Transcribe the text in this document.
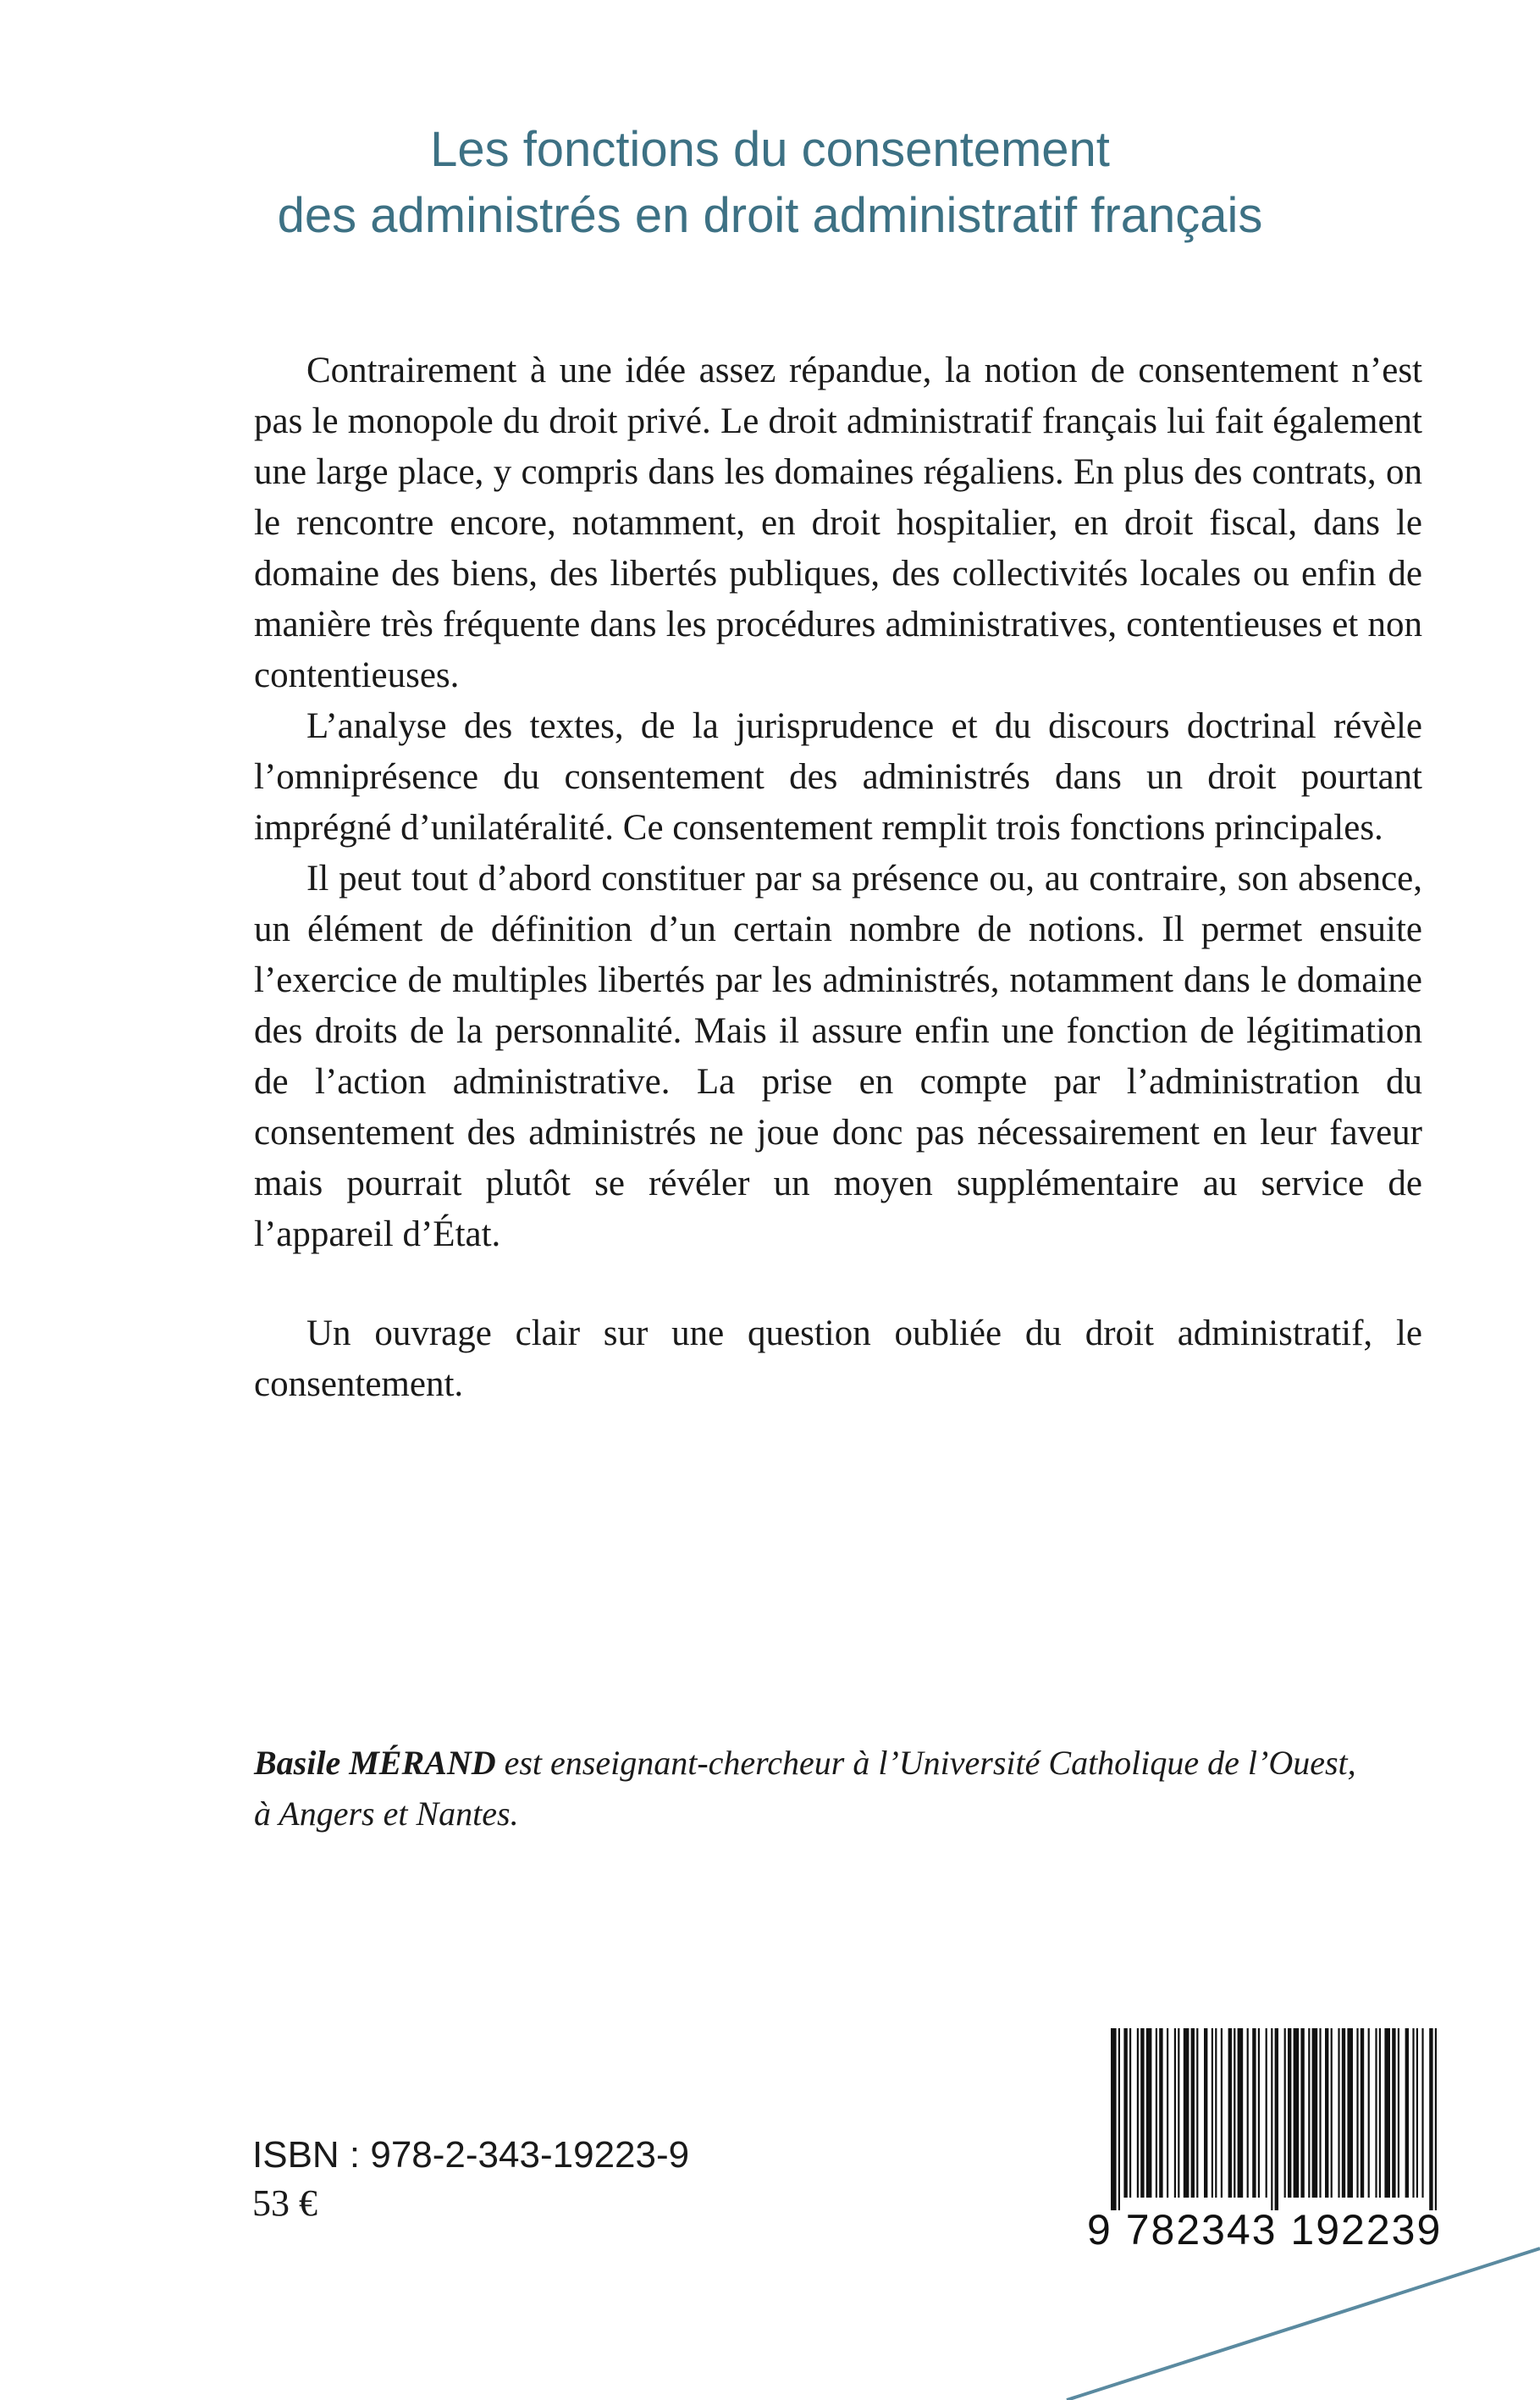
Les fonctions du consentement
des administrés en droit administratif français

Contrairement à une idée assez répandue, la notion de consentement n’est pas le monopole du droit privé. Le droit administratif français lui fait également une large place, y compris dans les domaines régaliens. En plus des contrats, on le rencontre encore, notamment, en droit hospitalier, en droit fiscal, dans le domaine des biens, des libertés publiques, des collectivités locales ou enfin de manière très fréquente dans les procédures administratives, contentieuses et non contentieuses.

L’analyse des textes, de la jurisprudence et du discours doctrinal révèle l’omniprésence du consentement des administrés dans un droit pourtant imprégné d’unilatéralité. Ce consentement remplit trois fonctions principales.

Il peut tout d’abord constituer par sa présence ou, au contraire, son absence, un élément de définition d’un certain nombre de notions. Il permet ensuite l’exercice de multiples libertés par les administrés, notamment dans le domaine des droits de la personnalité. Mais il assure enfin une fonction de légitimation de l’action administrative. La prise en compte par l’administration du consentement des administrés ne joue donc pas nécessairement en leur faveur mais pourrait plutôt se révéler un moyen supplémentaire au service de l’appareil d’État.

Un ouvrage clair sur une question oubliée du droit administratif, le consentement.

Basile MÉRAND est enseignant-chercheur à l’Université Catholique de l’Ouest,
à Angers et Nantes.
ISBN : 978-2-343-19223-9
53 €
9 782343 192239
